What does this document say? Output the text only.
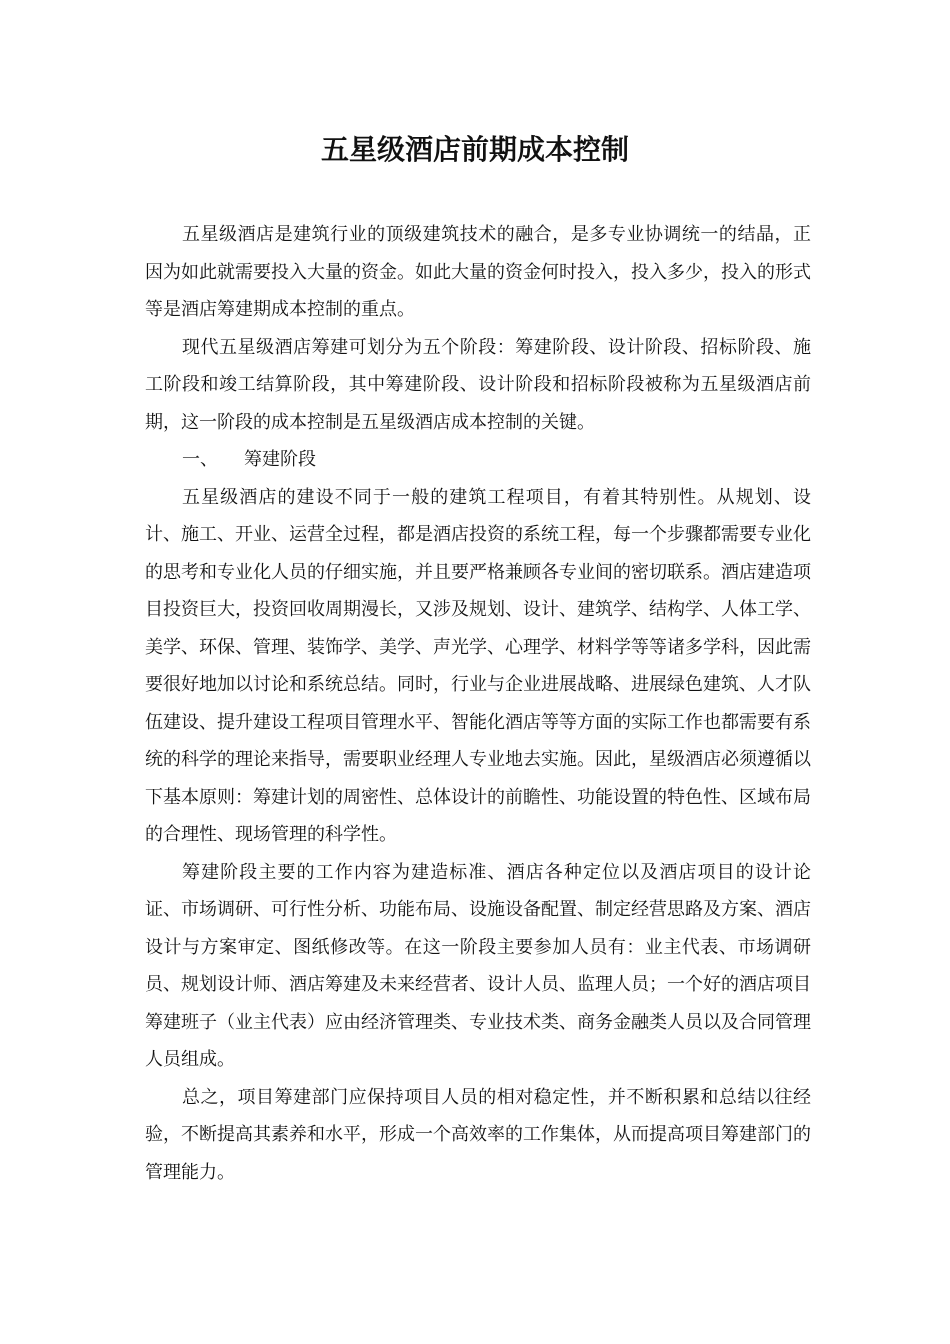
五星级酒店前期成本控制

五星级酒店是建筑行业的顶级建筑技术的融合，是多专业协调统一的结晶，正因为如此就需要投入大量的资金。如此大量的资金何时投入，投入多少，投入的形式等是酒店筹建期成本控制的重点。

现代五星级酒店筹建可划分为五个阶段：筹建阶段、设计阶段、招标阶段、施工阶段和竣工结算阶段，其中筹建阶段、设计阶段和招标阶段被称为五星级酒店前期，这一阶段的成本控制是五星级酒店成本控制的关键。

一、 筹建阶段

五星级酒店的建设不同于一般的建筑工程项目，有着其特别性。从规划、设计、施工、开业、运营全过程，都是酒店投资的系统工程，每一个步骤都需要专业化的思考和专业化人员的仔细实施，并且要严格兼顾各专业间的密切联系。酒店建造项目投资巨大，投资回收周期漫长，又涉及规划、设计、建筑学、结构学、人体工学、美学、环保、管理、装饰学、美学、声光学、心理学、材料学等等诸多学科，因此需要很好地加以讨论和系统总结。同时，行业与企业进展战略、进展绿色建筑、人才队伍建设、提升建设工程项目管理水平、智能化酒店等等方面的实际工作也都需要有系统的科学的理论来指导，需要职业经理人专业地去实施。因此，星级酒店必须遵循以下基本原则：筹建计划的周密性、总体设计的前瞻性、功能设置的特色性、区域布局的合理性、现场管理的科学性。

筹建阶段主要的工作内容为建造标准、酒店各种定位以及酒店项目的设计论证、市场调研、可行性分析、功能布局、设施设备配置、制定经营思路及方案、酒店设计与方案审定、图纸修改等。在这一阶段主要参加人员有：业主代表、市场调研员、规划设计师、酒店筹建及未来经营者、设计人员、监理人员；一个好的酒店项目筹建班子（业主代表）应由经济管理类、专业技术类、商务金融类人员以及合同管理人员组成。

总之，项目筹建部门应保持项目人员的相对稳定性，并不断积累和总结以往经验，不断提高其素养和水平，形成一个高效率的工作集体，从而提高项目筹建部门的管理能力。
